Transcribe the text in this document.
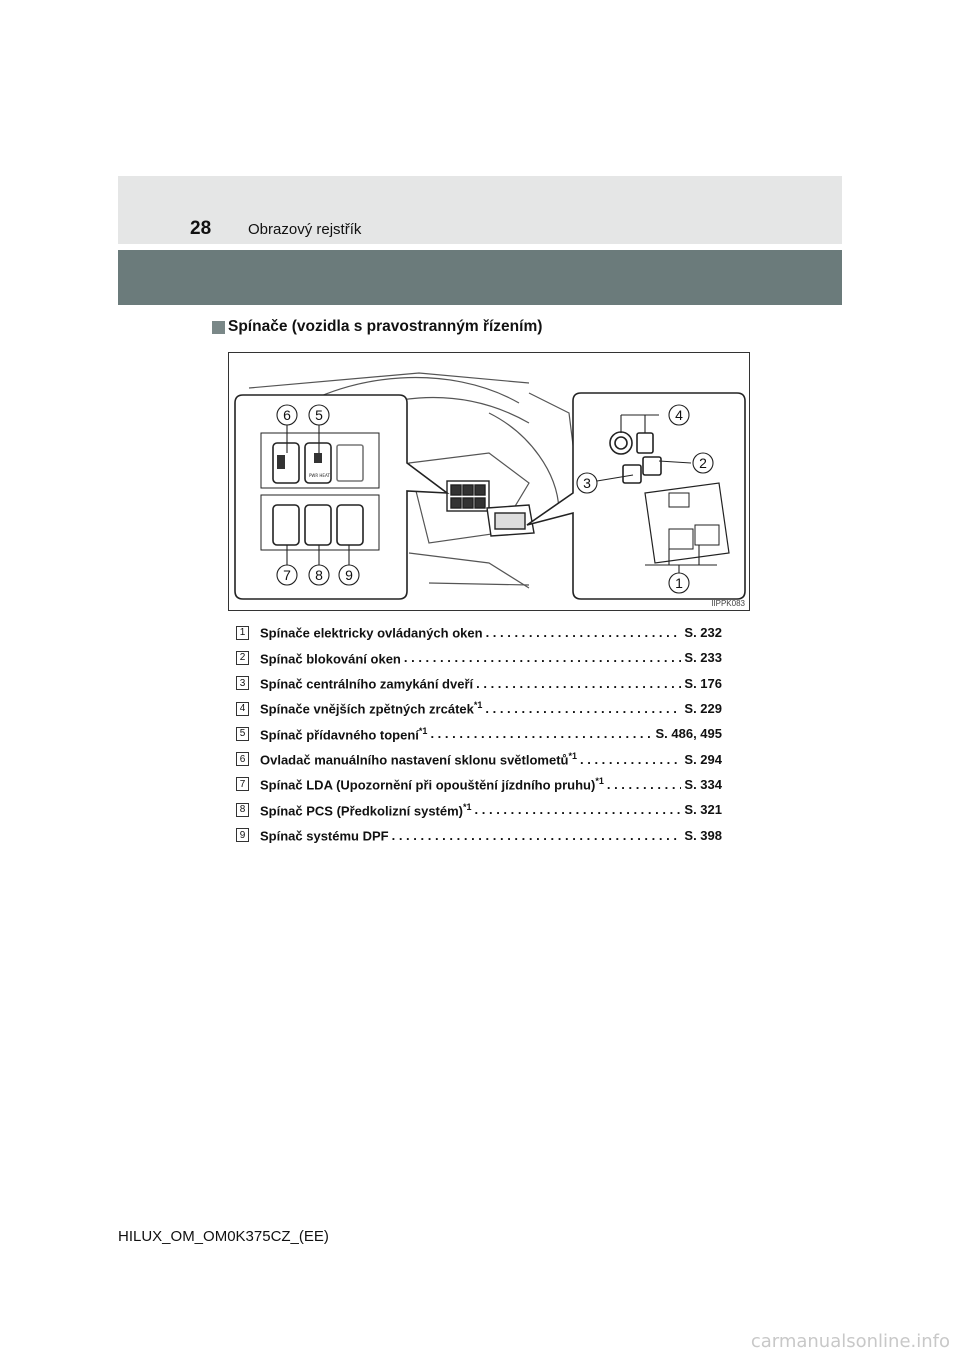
28 Obrazový rejstřík
Spínače (vozidla s pravostranným řízením)
PWR HEAT
6 5
7 8 9
4
2
3
1
IIPPK083
1 Spínače elektricky ovládaných oken . . .	S. 232
2 Spínač blokování oken . . .	S. 233
3 Spínač centrálního zamykání dveří . . .	S. 176
4 Spínače vnějších zpětných zrcátek$^{*1}$ . . .	S. 229
5 Spínač přídavného topení$^{*1}$ . . .	S. 486, 495
6 Ovladač manuálního nastavení sklonu světlometů$^{*1}$ . . .	S. 294
7 Spínač LDA (Upozornění při opouštění jízdního pruhu)$^{*1}$ . . .	S. 334
8 Spínač PCS (Předkolizní systém)$^{*1}$ . . .	S. 321
9 Spínač systému DPF . . .	S. 398
HILUX_OM_OM0K375CZ_(EE)
carmanualsonline.info
